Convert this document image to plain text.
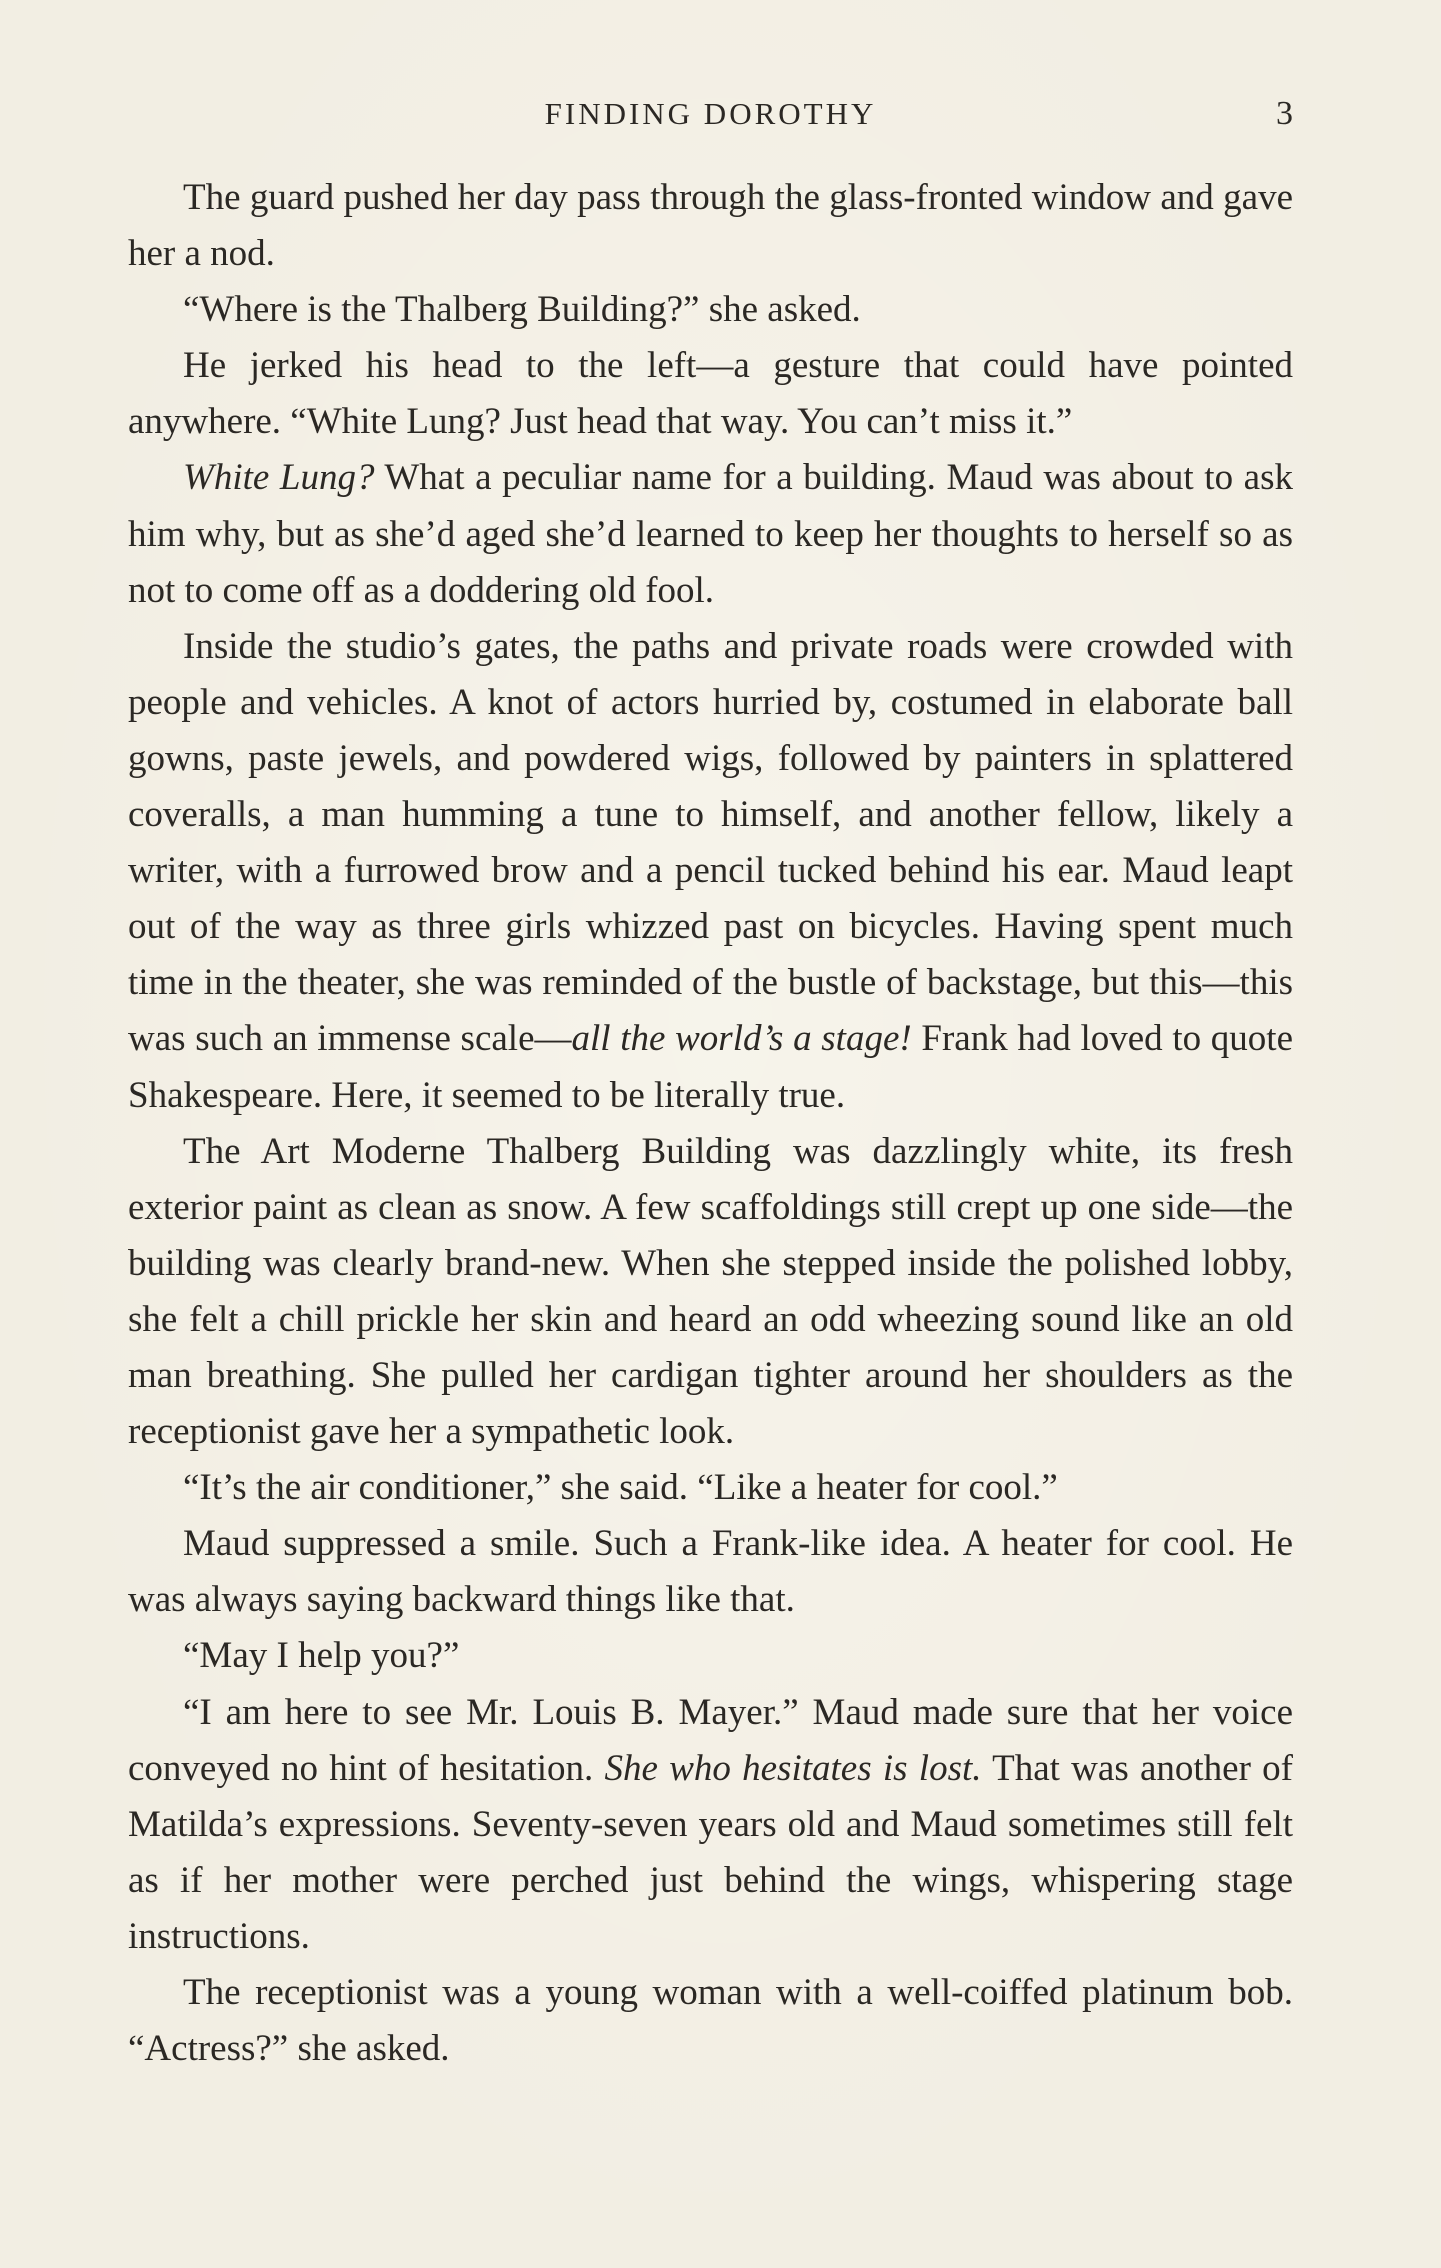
FINDING DOROTHY	3

The guard pushed her day pass through the glass-fronted window and gave her a nod.

“Where is the Thalberg Building?” she asked.

He jerked his head to the left—a gesture that could have pointed anywhere. “White Lung? Just head that way. You can’t miss it.”

White Lung? What a peculiar name for a building. Maud was about to ask him why, but as she’d aged she’d learned to keep her thoughts to herself so as not to come off as a doddering old fool.

Inside the studio’s gates, the paths and private roads were crowded with people and vehicles. A knot of actors hurried by, costumed in elaborate ball gowns, paste jewels, and powdered wigs, followed by painters in splattered coveralls, a man humming a tune to himself, and another fellow, likely a writer, with a furrowed brow and a pencil tucked behind his ear. Maud leapt out of the way as three girls whizzed past on bicycles. Having spent much time in the theater, she was reminded of the bustle of backstage, but this—this was such an immense scale—all the world’s a stage! Frank had loved to quote Shakespeare. Here, it seemed to be literally true.

The Art Moderne Thalberg Building was dazzlingly white, its fresh exterior paint as clean as snow. A few scaffoldings still crept up one side—the building was clearly brand-new. When she stepped inside the polished lobby, she felt a chill prickle her skin and heard an odd wheezing sound like an old man breathing. She pulled her cardigan tighter around her shoulders as the receptionist gave her a sympathetic look.

“It’s the air conditioner,” she said. “Like a heater for cool.”

Maud suppressed a smile. Such a Frank-like idea. A heater for cool. He was always saying backward things like that.

“May I help you?”

“I am here to see Mr. Louis B. Mayer.” Maud made sure that her voice conveyed no hint of hesitation. She who hesitates is lost. That was another of Matilda’s expressions. Seventy-seven years old and Maud sometimes still felt as if her mother were perched just behind the wings, whispering stage instructions.

The receptionist was a young woman with a well-coiffed platinum bob. “Actress?” she asked.
